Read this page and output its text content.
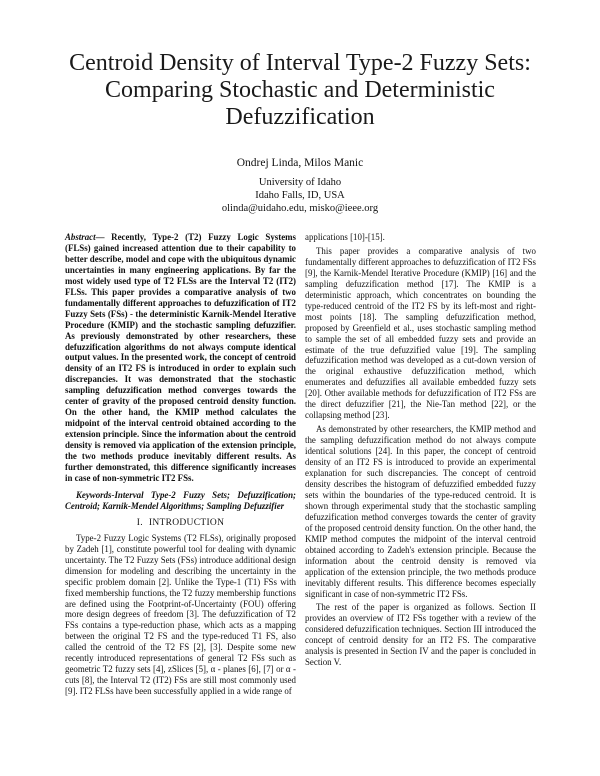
Centroid Density of Interval Type-2 Fuzzy Sets: Comparing Stochastic and Deterministic Defuzzification
Ondrej Linda, Milos Manic
University of Idaho
Idaho Falls, ID, USA
olinda@uidaho.edu, misko@ieee.org

Abstract— Recently, Type-2 (T2) Fuzzy Logic Systems (FLSs) gained increased attention due to their capability to better describe, model and cope with the ubiquitous dynamic uncertainties in many engineering applications. By far the most widely used type of T2 FLSs are the Interval T2 (IT2) FLSs. This paper provides a comparative analysis of two fundamentally different approaches to defuzzification of IT2 Fuzzy Sets (FSs) - the deterministic Karnik-Mendel Iterative Procedure (KMIP) and the stochastic sampling defuzzifier. As previously demonstrated by other researchers, these defuzzification algorithms do not always compute identical output values. In the presented work, the concept of centroid density of an IT2 FS is introduced in order to explain such discrepancies. It was demonstrated that the stochastic sampling defuzzification method converges towards the center of gravity of the proposed centroid density function. On the other hand, the KMIP method calculates the midpoint of the interval centroid obtained according to the extension principle. Since the information about the centroid density is removed via application of the extension principle, the two methods produce inevitably different results. As further demonstrated, this difference significantly increases in case of non-symmetric IT2 FSs.

Keywords-Interval Type-2 Fuzzy Sets; Defuzzification; Centroid; Karnik-Mendel Algorithms; Sampling Defuzzifier

I. INTRODUCTION

Type-2 Fuzzy Logic Systems (T2 FLSs), originally proposed by Zadeh [1], constitute powerful tool for dealing with dynamic uncertainty. The T2 Fuzzy Sets (FSs) introduce additional design dimension for modeling and describing the uncertainty in the specific problem domain [2]. Unlike the Type-1 (T1) FSs with fixed membership functions, the T2 fuzzy membership functions are defined using the Footprint-of-Uncertainty (FOU) offering more design degrees of freedom [3]. The defuzzification of T2 FSs contains a type-reduction phase, which acts as a mapping between the original T2 FS and the type-reduced T1 FS, also called the centroid of the T2 FS [2], [3]. Despite some new recently introduced representations of general T2 FSs such as geometric T2 fuzzy sets [4], zSlices [5], α - planes [6], [7] or α - cuts [8], the Interval T2 (IT2) FSs are still most commonly used [9]. IT2 FLSs have been successfully applied in a wide range of

applications [10]-[15].

This paper provides a comparative analysis of two fundamentally different approaches to defuzzification of IT2 FSs [9], the Karnik-Mendel Iterative Procedure (KMIP) [16] and the sampling defuzzification method [17]. The KMIP is a deterministic approach, which concentrates on bounding the type-reduced centroid of the IT2 FS by its left-most and right-most points [18]. The sampling defuzzification method, proposed by Greenfield et al., uses stochastic sampling method to sample the set of all embedded fuzzy sets and provide an estimate of the true defuzzified value [19]. The sampling defuzzification method was developed as a cut-down version of the original exhaustive defuzzification method, which enumerates and defuzzifies all available embedded fuzzy sets [20]. Other available methods for defuzzification of IT2 FSs are the direct defuzzifier [21], the Nie-Tan method [22], or the collapsing method [23].

As demonstrated by other researchers, the KMIP method and the sampling defuzzification method do not always compute identical solutions [24]. In this paper, the concept of centroid density of an IT2 FS is introduced to provide an experimental explanation for such discrepancies. The concept of centroid density describes the histogram of defuzzified embedded fuzzy sets within the boundaries of the type-reduced centroid. It is shown through experimental study that the stochastic sampling defuzzification method converges towards the center of gravity of the proposed centroid density function. On the other hand, the KMIP method computes the midpoint of the interval centroid obtained according to Zadeh's extension principle. Because the information about the centroid density is removed via application of the extension principle, the two methods produce inevitably different results. This difference becomes especially significant in case of non-symmetric IT2 FSs.

The rest of the paper is organized as follows. Section II provides an overview of IT2 FSs together with a review of the considered defuzzification techniques. Section III introduced the concept of centroid density for an IT2 FS. The comparative analysis is presented in Section IV and the paper is concluded in Section V.
